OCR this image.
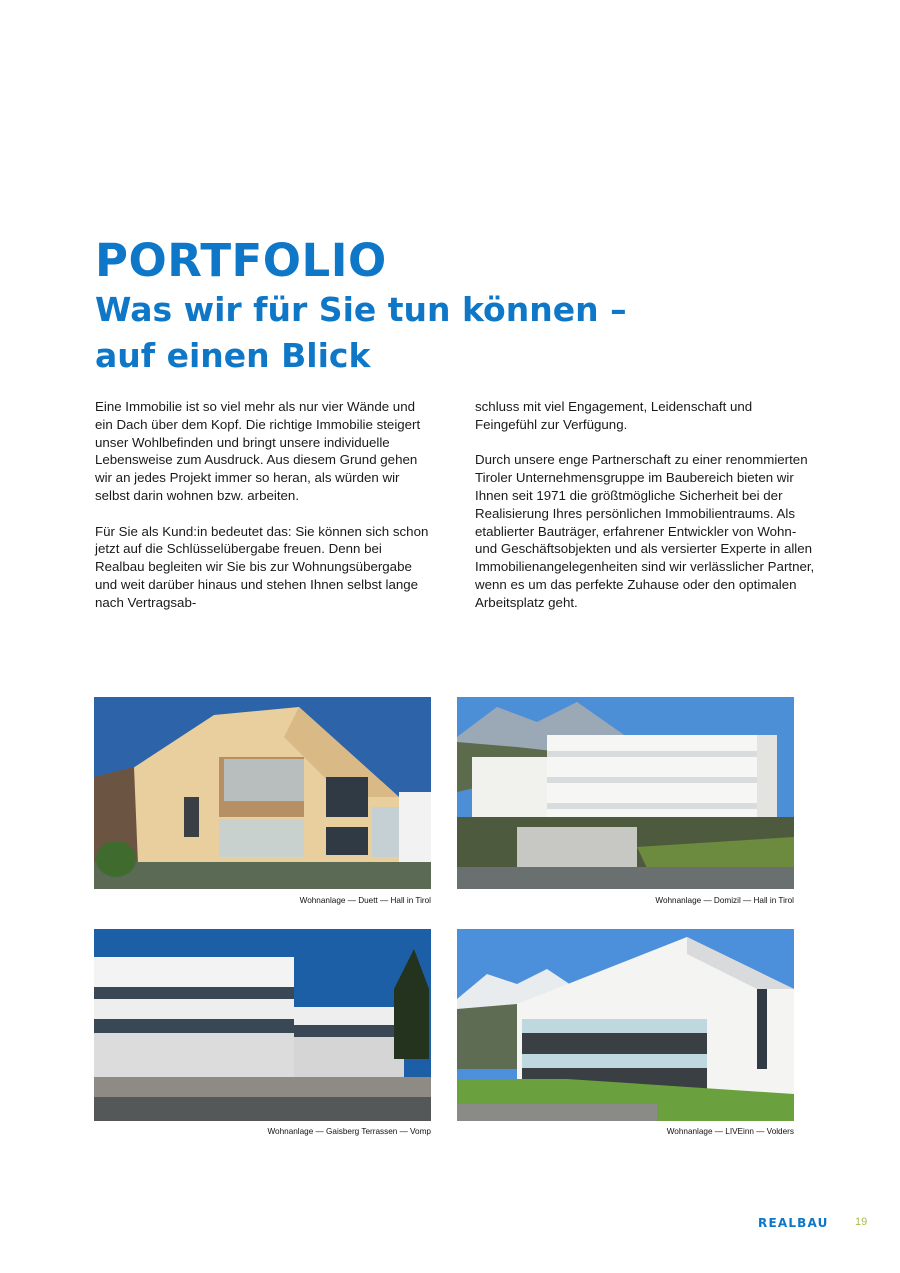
PORTFOLIO
Was wir für Sie tun können –
auf einen Blick

Eine Immobilie ist so viel mehr als nur vier Wände und ein Dach über dem Kopf. Die richtige Immobilie steigert unser Wohlbefinden und bringt unsere individuelle Lebensweise zum Ausdruck. Aus diesem Grund gehen wir an jedes Projekt immer so heran, als würden wir selbst darin wohnen bzw. arbeiten.

Für Sie als Kund:in bedeutet das: Sie können sich schon jetzt auf die Schlüsselübergabe freuen. Denn bei Realbau begleiten wir Sie bis zur Wohnungsübergabe und weit darüber hinaus und stehen Ihnen selbst lange nach Vertragsab-

schluss mit viel Engagement, Leidenschaft und Feingefühl zur Verfügung.

Durch unsere enge Partnerschaft zu einer renommierten Tiroler Unternehmensgruppe im Baubereich bieten wir Ihnen seit 1971 die größtmögliche Sicherheit bei der Realisierung Ihres persönlichen Immobilientraums. Als etablierter Bauträger, erfahrener Entwickler von Wohn- und Geschäftsobjekten und als versierter Experte in allen Immobilienangelegenheiten sind wir verlässlicher Partner, wenn es um das perfekte Zuhause oder den optimalen Arbeitsplatz geht.

Wohnanlage — Duett — Hall in Tirol	Wohnanlage — Domizil — Hall in Tirol
Wohnanlage — Gaisberg Terrassen — Vomp	Wohnanlage — LIVEinn — Volders
REALBAU 19
